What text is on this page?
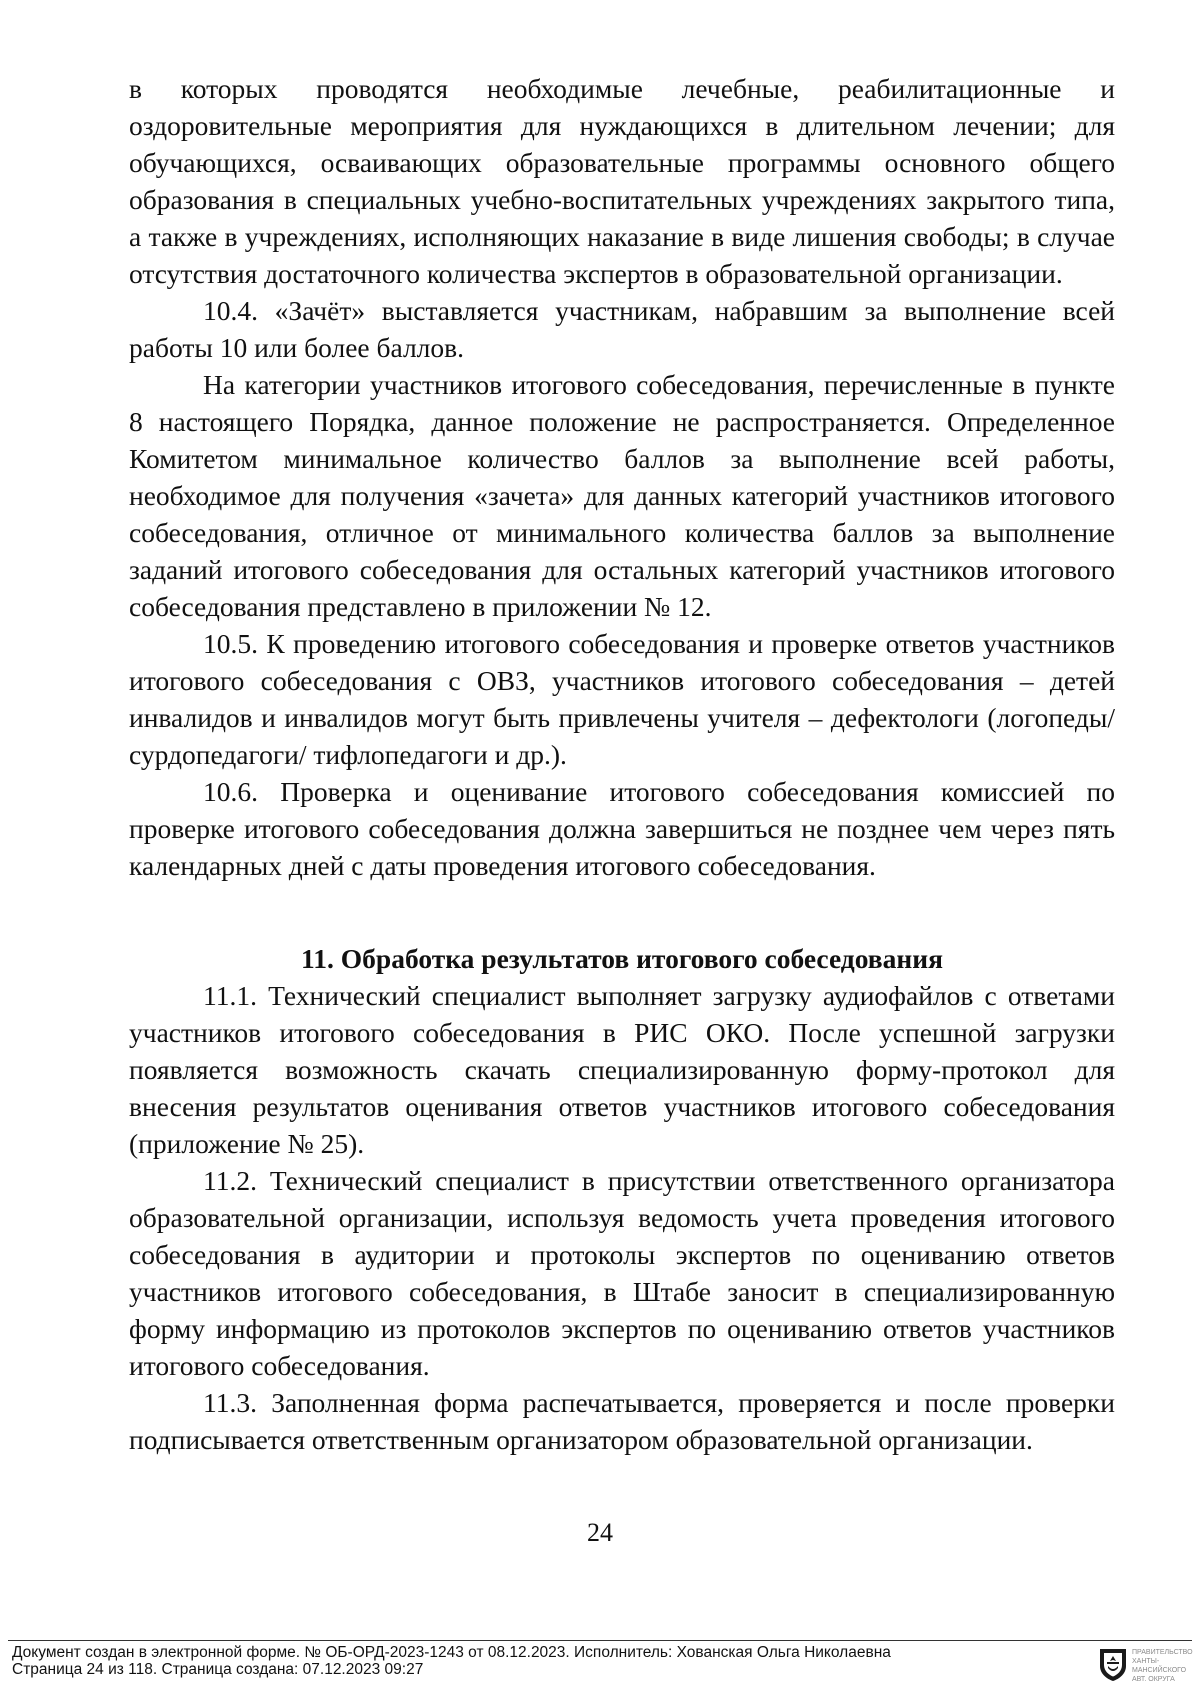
в которых проводятся необходимые лечебные, реабилитационные и оздоровительные мероприятия для нуждающихся в длительном лечении; для обучающихся, осваивающих образовательные программы основного общего образования в специальных учебно-воспитательных учреждениях закрытого типа, а также в учреждениях, исполняющих наказание в виде лишения свободы; в случае отсутствия достаточного количества экспертов в образовательной организации.

10.4. «Зачёт» выставляется участникам, набравшим за выполнение всей работы 10 или более баллов.

На категории участников итогового собеседования, перечисленные в пункте 8 настоящего Порядка, данное положение не распространяется. Определенное Комитетом минимальное количество баллов за выполнение всей работы, необходимое для получения «зачета» для данных категорий участников итогового собеседования, отличное от минимального количества баллов за выполнение заданий итогового собеседования для остальных категорий участников итогового собеседования представлено в приложении № 12.

10.5. К проведению итогового собеседования и проверке ответов участников итогового собеседования с ОВЗ, участников итогового собеседования – детей инвалидов и инвалидов могут быть привлечены учителя – дефектологи (логопеды/ сурдопедагоги/ тифлопедагоги и др.).

10.6. Проверка и оценивание итогового собеседования комиссией по проверке итогового собеседования должна завершиться не позднее чем через пять календарных дней с даты проведения итогового собеседования.

11. Обработка результатов итогового собеседования

11.1. Технический специалист выполняет загрузку аудиофайлов с ответами участников итогового собеседования в РИС ОКО. После успешной загрузки появляется возможность скачать специализированную форму-протокол для внесения результатов оценивания ответов участников итогового собеседования (приложение № 25).

11.2. Технический специалист в присутствии ответственного организатора образовательной организации, используя ведомость учета проведения итогового собеседования в аудитории и протоколы экспертов по оцениванию ответов участников итогового собеседования, в Штабе заносит в специализированную форму информацию из протоколов экспертов по оцениванию ответов участников итогового собеседования.

11.3. Заполненная форма распечатывается, проверяется и после проверки подписывается ответственным организатором образовательной организации.

24
Документ создан в электронной форме. № ОБ-ОРД-2023-1243 от 08.12.2023. Исполнитель: Хованская Ольга Николаевна
Страница 24 из 118. Страница создана: 07.12.2023 09:27
ПРАВИТЕЛЬСТВО ХАНТЫ-МАНСИЙСКОГО АВТ. ОКРУГА
